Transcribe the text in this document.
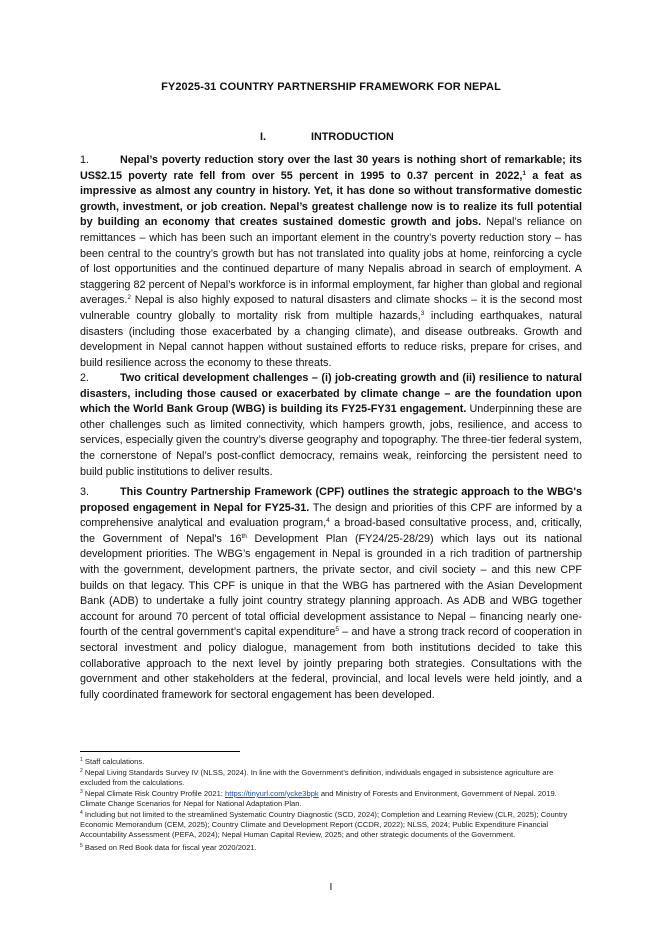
FY2025-31 COUNTRY PARTNERSHIP FRAMEWORK FOR NEPAL
I.	INTRODUCTION

1.	Nepal’s poverty reduction story over the last 30 years is nothing short of remarkable; its US$2.15 poverty rate fell from over 55 percent in 1995 to 0.37 percent in 2022,$^1$ a feat as impressive as almost any country in history. Yet, it has done so without transformative domestic growth, investment, or job creation. Nepal’s greatest challenge now is to realize its full potential by building an economy that creates sustained domestic growth and jobs. Nepal’s reliance on remittances – which has been such an important element in the country’s poverty reduction story – has been central to the country’s growth but has not translated into quality jobs at home, reinforcing a cycle of lost opportunities and the continued departure of many Nepalis abroad in search of employment. A staggering 82 percent of Nepal’s workforce is in informal employment, far higher than global and regional averages.$^2$ Nepal is also highly exposed to natural disasters and climate shocks – it is the second most vulnerable country globally to mortality risk from multiple hazards,$^3$ including earthquakes, natural disasters (including those exacerbated by a changing climate), and disease outbreaks. Growth and development in Nepal cannot happen without sustained efforts to reduce risks, prepare for crises, and build resilience across the economy to these threats.

2.	Two critical development challenges – (i) job-creating growth and (ii) resilience to natural disasters, including those caused or exacerbated by climate change – are the foundation upon which the World Bank Group (WBG) is building its FY25-FY31 engagement. Underpinning these are other challenges such as limited connectivity, which hampers growth, jobs, resilience, and access to services, especially given the country’s diverse geography and topography. The three-tier federal system, the cornerstone of Nepal’s post-conflict democracy, remains weak, reinforcing the persistent need to build public institutions to deliver results.

3.	This Country Partnership Framework (CPF) outlines the strategic approach to the WBG's proposed engagement in Nepal for FY25-31. The design and priorities of this CPF are informed by a comprehensive analytical and evaluation program,$^4$ a broad-based consultative process, and, critically, the Government of Nepal's 16th Development Plan (FY24/25-28/29) which lays out its national development priorities. The WBG’s engagement in Nepal is grounded in a rich tradition of partnership with the government, development partners, the private sector, and civil society – and this new CPF builds on that legacy. This CPF is unique in that the WBG has partnered with the Asian Development Bank (ADB) to undertake a fully joint country strategy planning approach. As ADB and WBG together account for around 70 percent of total official development assistance to Nepal – financing nearly one-fourth of the central government’s capital expenditure$^5$ – and have a strong track record of cooperation in sectoral investment and policy dialogue, management from both institutions decided to take this collaborative approach to the next level by jointly preparing both strategies. Consultations with the government and other stakeholders at the federal, provincial, and local levels were held jointly, and a fully coordinated framework for sectoral engagement has been developed.

$^1$ Staff calculations.

$^2$ Nepal Living Standards Survey IV (NLSS, 2024). In line with the Government’s definition, individuals engaged in subsistence agriculture are excluded from the calculations.

$^3$ Nepal Climate Risk Country Profile 2021: https://tinyurl.com/ycke3bpk and Ministry of Forests and Environment, Government of Nepal. 2019. Climate Change Scenarios for Nepal for National Adaptation Plan.

$^4$ Including but not limited to the streamlined Systematic Country Diagnostic (SCD, 2024); Completion and Learning Review (CLR, 2025); Country Economic Memorandum (CEM, 2025); Country Climate and Development Report (CCDR, 2022); NLSS, 2024; Public Expenditure Financial Accountability Assessment (PEFA, 2024); Nepal Human Capital Review, 2025; and other strategic documents of the Government.

$^5$ Based on Red Book data for fiscal year 2020/2021.

I
